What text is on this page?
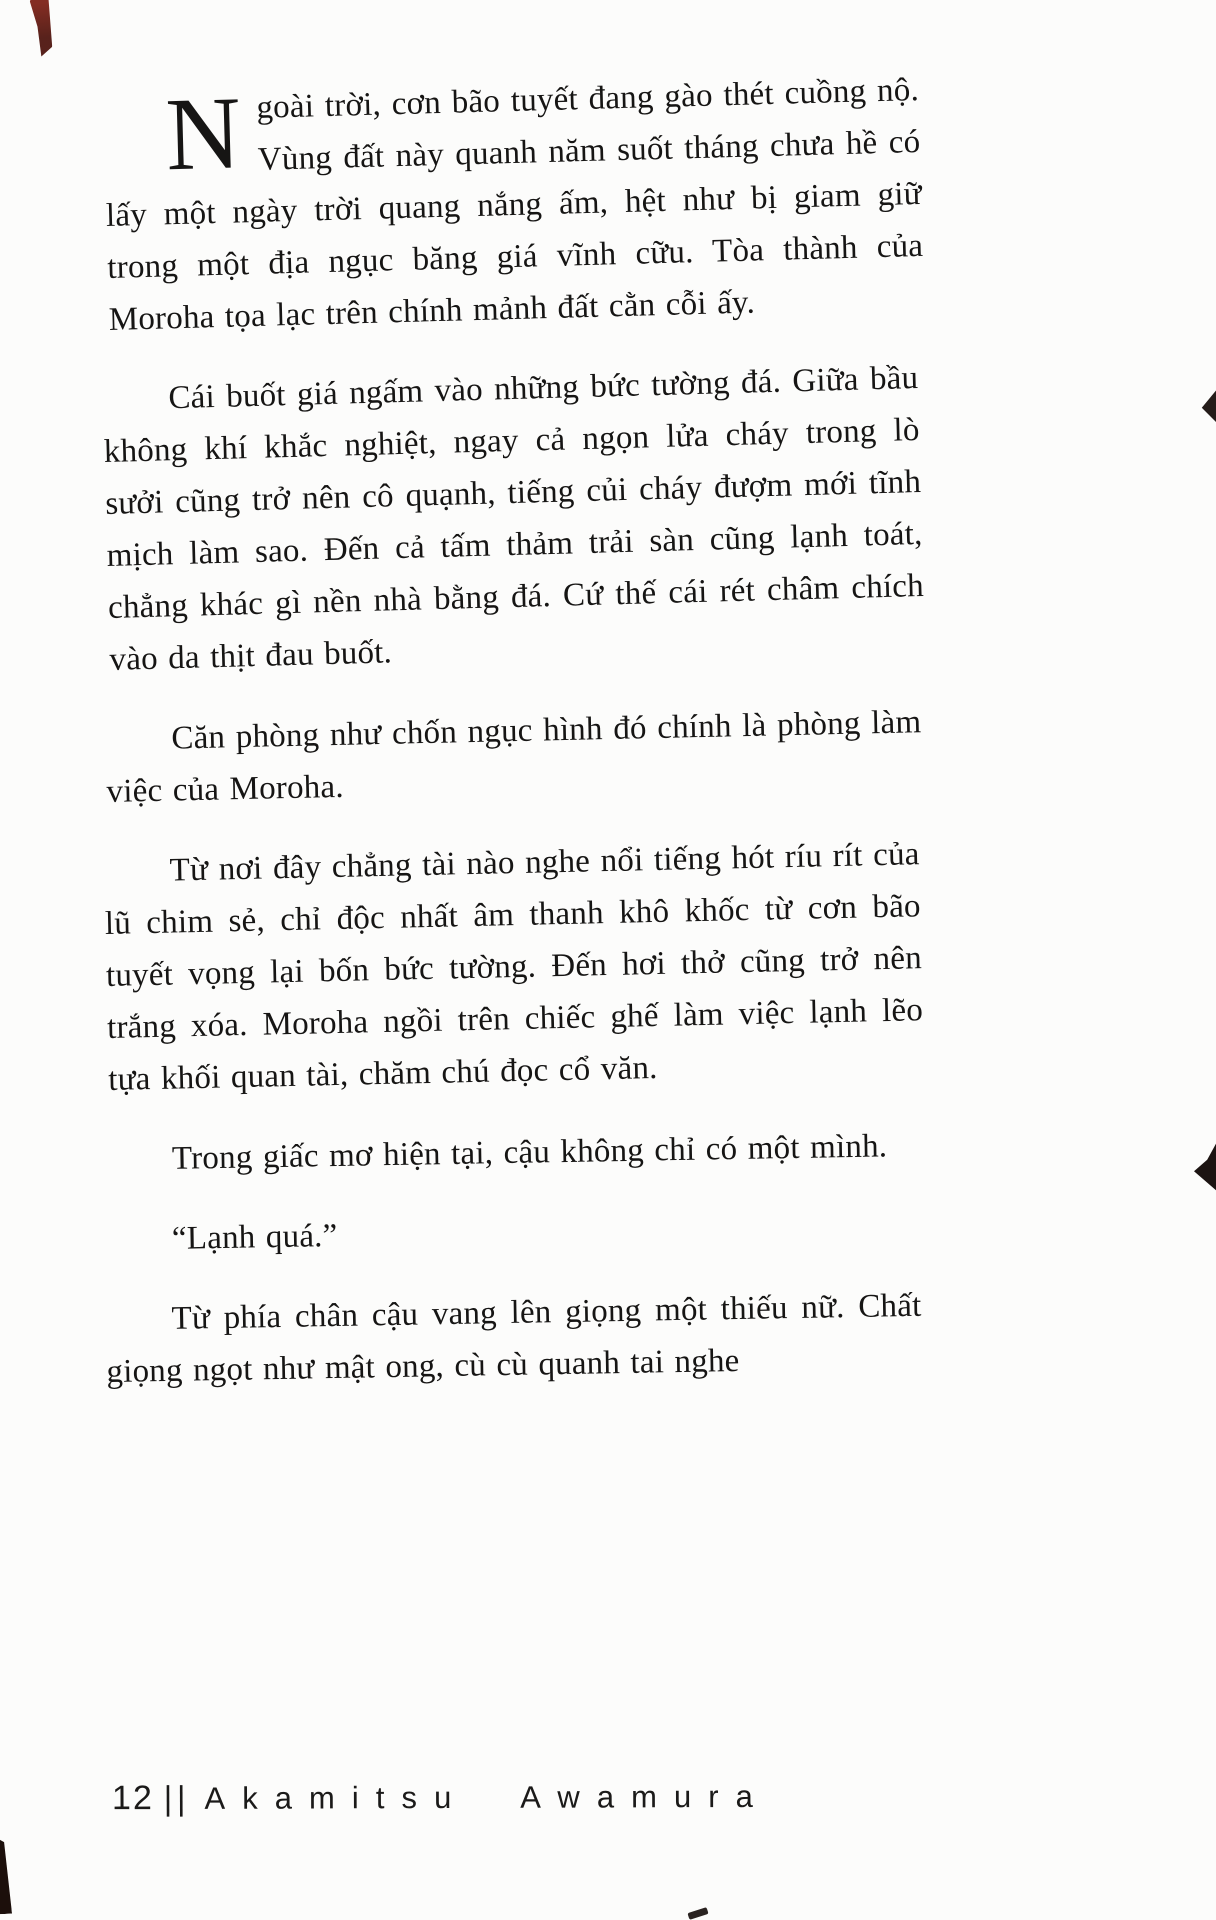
Ngoài trời, cơn bão tuyết đang gào thét cuồng nộ. Vùng đất này quanh năm suốt tháng chưa hề có lấy một ngày trời quang nắng ấm, hệt như bị giam giữ trong một địa ngục băng giá vĩnh cữu. Tòa thành của Moroha tọa lạc trên chính mảnh đất cằn cỗi ấy.

Cái buốt giá ngấm vào những bức tường đá. Giữa bầu không khí khắc nghiệt, ngay cả ngọn lửa cháy trong lò sưởi cũng trở nên cô quạnh, tiếng củi cháy đượm mới tĩnh mịch làm sao. Đến cả tấm thảm trải sàn cũng lạnh toát, chẳng khác gì nền nhà bằng đá. Cứ thế cái rét châm chích vào da thịt đau buốt.

Căn phòng như chốn ngục hình đó chính là phòng làm việc của Moroha.

Từ nơi đây chẳng tài nào nghe nổi tiếng hót ríu rít của lũ chim sẻ, chỉ độc nhất âm thanh khô khốc từ cơn bão tuyết vọng lại bốn bức tường. Đến hơi thở cũng trở nên trắng xóa. Moroha ngồi trên chiếc ghế làm việc lạnh lẽo tựa khối quan tài, chăm chú đọc cổ văn.

Trong giấc mơ hiện tại, cậu không chỉ có một mình.

“Lạnh quá.”

Từ phía chân cậu vang lên giọng một thiếu nữ. Chất giọng ngọt như mật ong, cù cù quanh tai nghe

12 || Akamitsu Awamura
